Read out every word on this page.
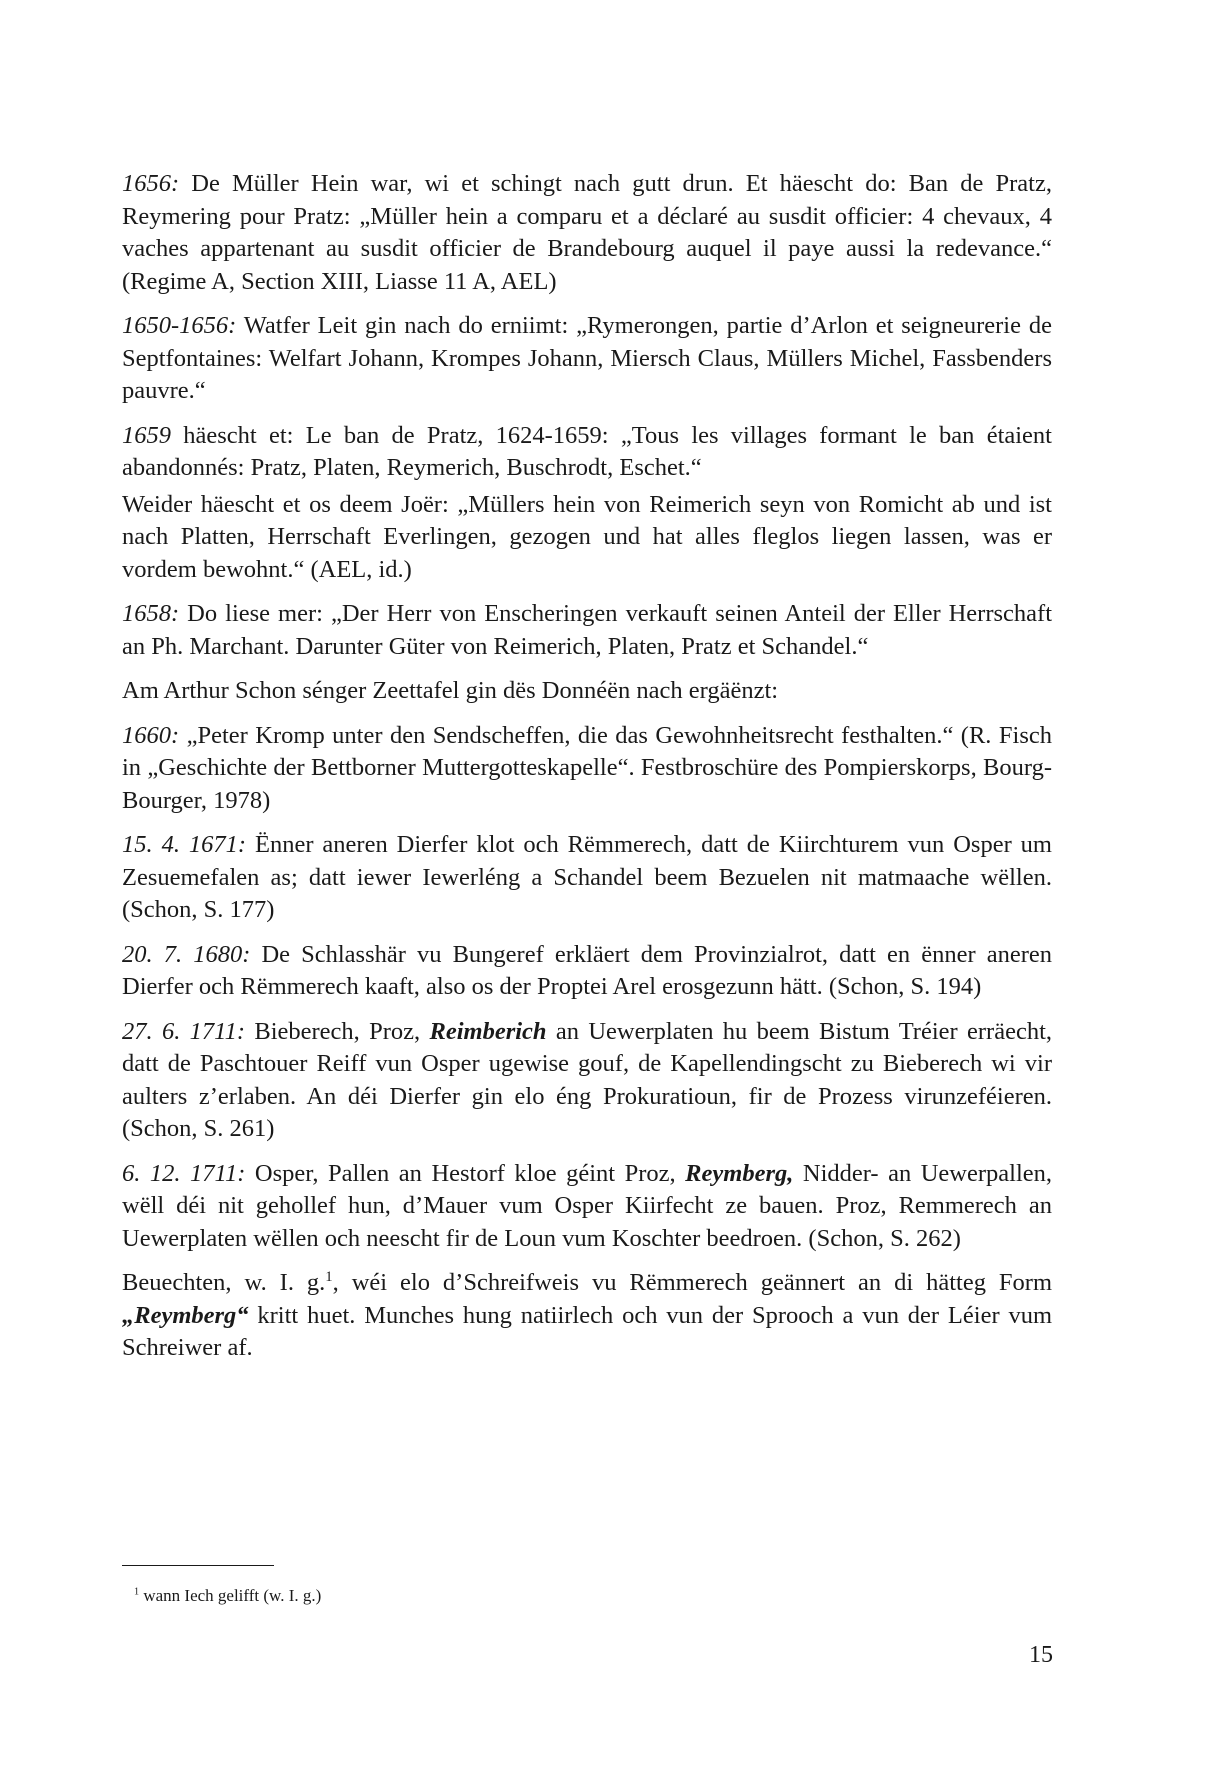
1656: De Müller Hein war, wi et schingt nach gutt drun. Et häescht do: Ban de Pratz, Reymering pour Pratz: „Müller hein a comparu et a déclaré au susdit officier: 4 chevaux, 4 vaches appartenant au susdit officier de Brandebourg auquel il paye aussi la redevance.“ (Regime A, Section XIII, Liasse 11 A, AEL)

1650-1656: Watfer Leit gin nach do erniimt: „Rymerongen, partie d’Arlon et seigneurerie de Septfontaines: Welfart Johann, Krompes Johann, Miersch Claus, Müllers Michel, Fassbenders pauvre.“

1659 häescht et: Le ban de Pratz, 1624-1659: „Tous les villages formant le ban étaient abandonnés: Pratz, Platen, Reymerich, Buschrodt, Eschet.“

Weider häescht et os deem Joër: „Müllers hein von Reimerich seyn von Romicht ab und ist nach Platten, Herrschaft Everlingen, gezogen und hat alles fleglos liegen lassen, was er vordem bewohnt.“ (AEL, id.)

1658: Do liese mer: „Der Herr von Enscheringen verkauft seinen Anteil der Eller Herrschaft an Ph. Marchant. Darunter Güter von Reimerich, Platen, Pratz et Schandel.“

Am Arthur Schon sénger Zeettafel gin dës Donnéën nach ergäënzt:

1660: „Peter Kromp unter den Sendscheffen, die das Gewohnheitsrecht festhalten.“ (R. Fisch in „Geschichte der Bettborner Muttergotteskapelle“. Festbroschüre des Pompierskorps, Bourg-Bourger, 1978)

15. 4. 1671: Ënner aneren Dierfer klot och Rëmmerech, datt de Kiirchturem vun Osper um Zesuemefalen as; datt iewer Iewerléng a Schandel beem Bezuelen nit matmaache wëllen. (Schon, S. 177)

20. 7. 1680: De Schlasshär vu Bungeref erkläert dem Provinzialrot, datt en ënner aneren Dierfer och Rëmmerech kaaft, also os der Proptei Arel erosgezunn hätt. (Schon, S. 194)

27. 6. 1711: Bieberech, Proz, Reimberich an Uewerplaten hu beem Bistum Tréier erräecht, datt de Paschtouer Reiff vun Osper ugewise gouf, de Kapellendingscht zu Bieberech wi vir aulters z’erlaben. An déi Dierfer gin elo éng Prokuratioun, fir de Prozess virunzeféieren. (Schon, S. 261)

6. 12. 1711: Osper, Pallen an Hestorf kloe géint Proz, Reymberg, Nidder- an Uewerpallen, wëll déi nit gehollef hun, d’Mauer vum Osper Kiirfecht ze bauen. Proz, Remmerech an Uewerplaten wëllen och neescht fir de Loun vum Koschter beedroen. (Schon, S. 262)

Beuechten, w. I. g.$^1$, wéi elo d’Schreifweis vu Rëmmerech geännert an di hätteg Form „Reymberg“ kritt huet. Munches hung natiirlech och vun der Sprooch a vun der Léier vum Schreiwer af.

$^1$ wann Iech gelifft (w. I. g.)
15
